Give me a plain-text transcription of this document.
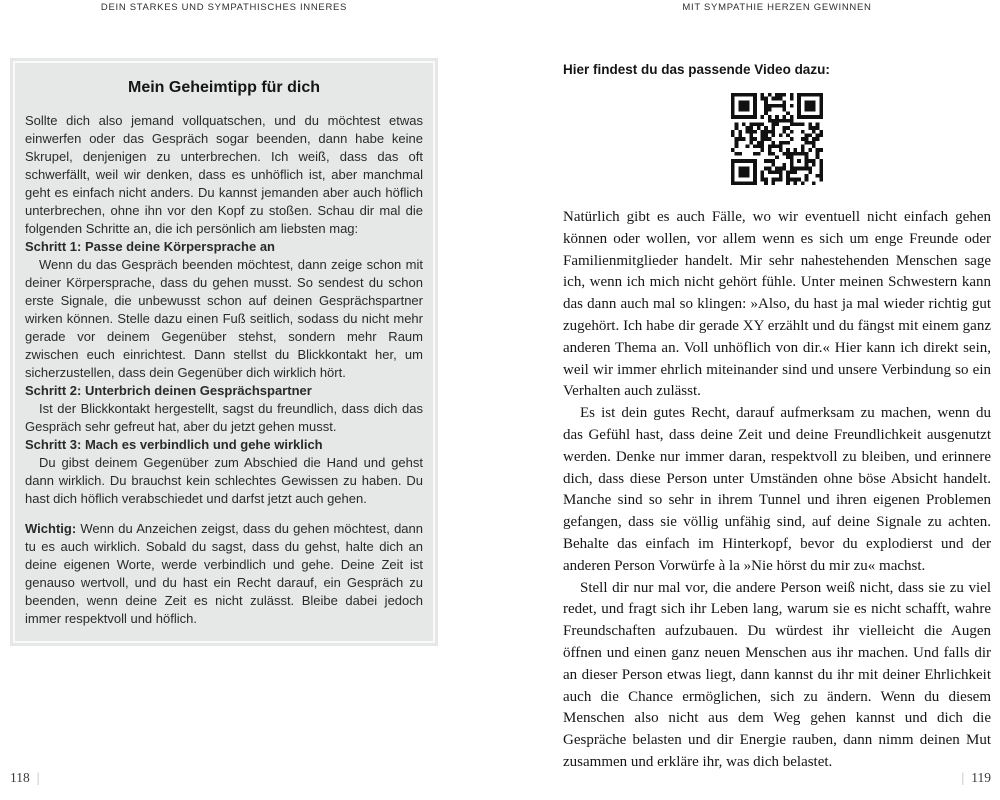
DEIN STARKES UND SYMPATHISCHES INNERES	MIT SYMPATHIE HERZEN GEWINNEN
Mein Geheimtipp für dich

Sollte dich also jemand vollquatschen, und du möchtest etwas einwerfen oder das Gespräch sogar beenden, dann habe keine Skrupel, denjenigen zu unterbrechen. Ich weiß, dass das oft schwerfällt, weil wir denken, dass es unhöflich ist, aber manchmal geht es einfach nicht anders. Du kannst jemanden aber auch höflich unterbrechen, ohne ihn vor den Kopf zu stoßen. Schau dir mal die folgenden Schritte an, die ich persönlich am liebsten mag:

Schritt 1: Passe deine Körpersprache an

Wenn du das Gespräch beenden möchtest, dann zeige schon mit deiner Körpersprache, dass du gehen musst. So sendest du schon erste Signale, die unbewusst schon auf deinen Gesprächspartner wirken können. Stelle dazu einen Fuß seitlich, sodass du nicht mehr gerade vor deinem Gegenüber stehst, sondern mehr Raum zwischen euch einrichtest. Dann stellst du Blickkontakt her, um sicherzustellen, dass dein Gegenüber dich wirklich hört.

Schritt 2: Unterbrich deinen Gesprächspartner

Ist der Blickkontakt hergestellt, sagst du freundlich, dass dich das Gespräch sehr gefreut hat, aber du jetzt gehen musst.

Schritt 3: Mach es verbindlich und gehe wirklich

Du gibst deinem Gegenüber zum Abschied die Hand und gehst dann wirklich. Du brauchst kein schlechtes Gewissen zu haben. Du hast dich höflich verabschiedet und darfst jetzt auch gehen.

Wichtig: Wenn du Anzeichen zeigst, dass du gehen möchtest, dann tu es auch wirklich. Sobald du sagst, dass du gehst, halte dich an deine eigenen Worte, werde verbindlich und gehe. Deine Zeit ist genauso wertvoll, und du hast ein Recht darauf, ein Gespräch zu beenden, wenn deine Zeit es nicht zulässt. Bleibe dabei jedoch immer respektvoll und höflich.

Hier findest du das passende Video dazu:

Natürlich gibt es auch Fälle, wo wir eventuell nicht einfach gehen können oder wollen, vor allem wenn es sich um enge Freunde oder Familienmitglieder handelt. Mir sehr nahestehenden Menschen sage ich, wenn ich mich nicht gehört fühle. Unter meinen Schwestern kann das dann auch mal so klingen: »Also, du hast ja mal wieder richtig gut zugehört. Ich habe dir gerade XY erzählt und du fängst mit einem ganz anderen Thema an. Voll unhöflich von dir.« Hier kann ich direkt sein, weil wir immer ehrlich miteinander sind und unsere Verbindung so ein Verhalten auch zulässt.

Es ist dein gutes Recht, darauf aufmerksam zu machen, wenn du das Gefühl hast, dass deine Zeit und deine Freundlichkeit ausgenutzt werden. Denke nur immer daran, respektvoll zu bleiben, und erinnere dich, dass diese Person unter Umständen ohne böse Absicht handelt. Manche sind so sehr in ihrem Tunnel und ihren eigenen Problemen gefangen, dass sie völlig unfähig sind, auf deine Signale zu achten. Behalte das einfach im Hinterkopf, bevor du explodierst und der anderen Person Vorwürfe à la »Nie hörst du mir zu« machst.

Stell dir nur mal vor, die andere Person weiß nicht, dass sie zu viel redet, und fragt sich ihr Leben lang, warum sie es nicht schafft, wahre Freundschaften aufzubauen. Du würdest ihr vielleicht die Augen öffnen und einen ganz neuen Menschen aus ihr machen. Und falls dir an dieser Person etwas liegt, dann kannst du ihr mit deiner Ehrlichkeit auch die Chance ermöglichen, sich zu ändern. Wenn du diesem Menschen also nicht aus dem Weg gehen kannst und dich die Gespräche belasten und dir Energie rauben, dann nimm deinen Mut zusammen und erkläre ihr, was dich belastet.

118 |	| 119
